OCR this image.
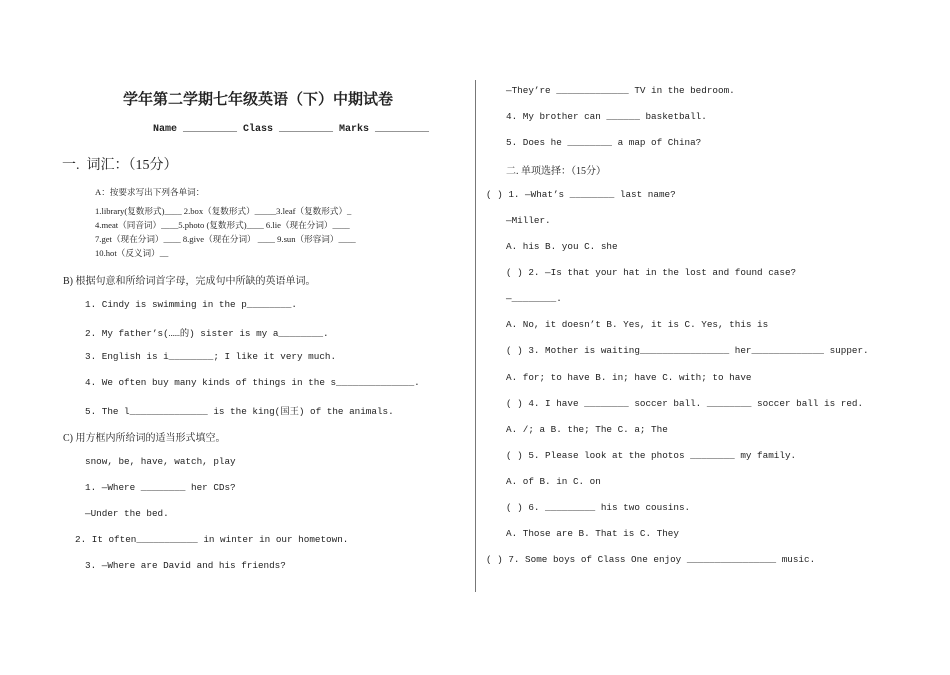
学年第二学期七年级英语（下）中期试卷
Name _________ Class _________ Marks _________
一.  词汇：（15分）
A：按要求写出下列各单词：
1.library(复数形式)____ 2.box（复数形式）_____3.leaf（复数形式）_
4.meat（同音词）____5.photo (复数形式)____ 6.lie（现在分词）____
7.get（现在分词）____ 8.give（现在分词） ____ 9.sun（形容词）____
10.hot（反义词）__
B) 根据句意和所给词首字母，完成句中所缺的英语单词。
1. Cindy is swimming in the p________.
2. My father’s(……的) sister is my a________.
3. English is i________; I like it very much.
4. We often buy many kinds of things in the s______________.
5. The l______________ is the king(国王) of the animals.
C) 用方框内所给词的适当形式填空。
snow, be, have, watch, play
1. —Where ________ her CDs?
—Under the bed.
2. It often___________ in winter in our hometown.
3. —Where are David and his friends?
—They’re _____________ TV in the bedroom.
4. My brother can ______ basketball.
5. Does he ________ a map of China?
二. 单项选择：（15分）
( ) 1. —What’s ________ last name?
—Miller.
A. his B. you C. she
( ) 2. —Is that your hat in the lost and found case?
—________.
A. No, it doesn’t B. Yes, it is C. Yes, this is
( ) 3. Mother is waiting________________ her_____________ supper.
A. for; to have B. in; have C. with; to have
( ) 4. I have ________ soccer ball. ________ soccer ball is red.
A. /; a B. the; The C. a; The
( ) 5. Please look at the photos ________ my family.
A. of B. in C. on
( ) 6. _________ his two cousins.
A. Those are B. That is C. They
( ) 7. Some boys of Class One enjoy ________________ music.
